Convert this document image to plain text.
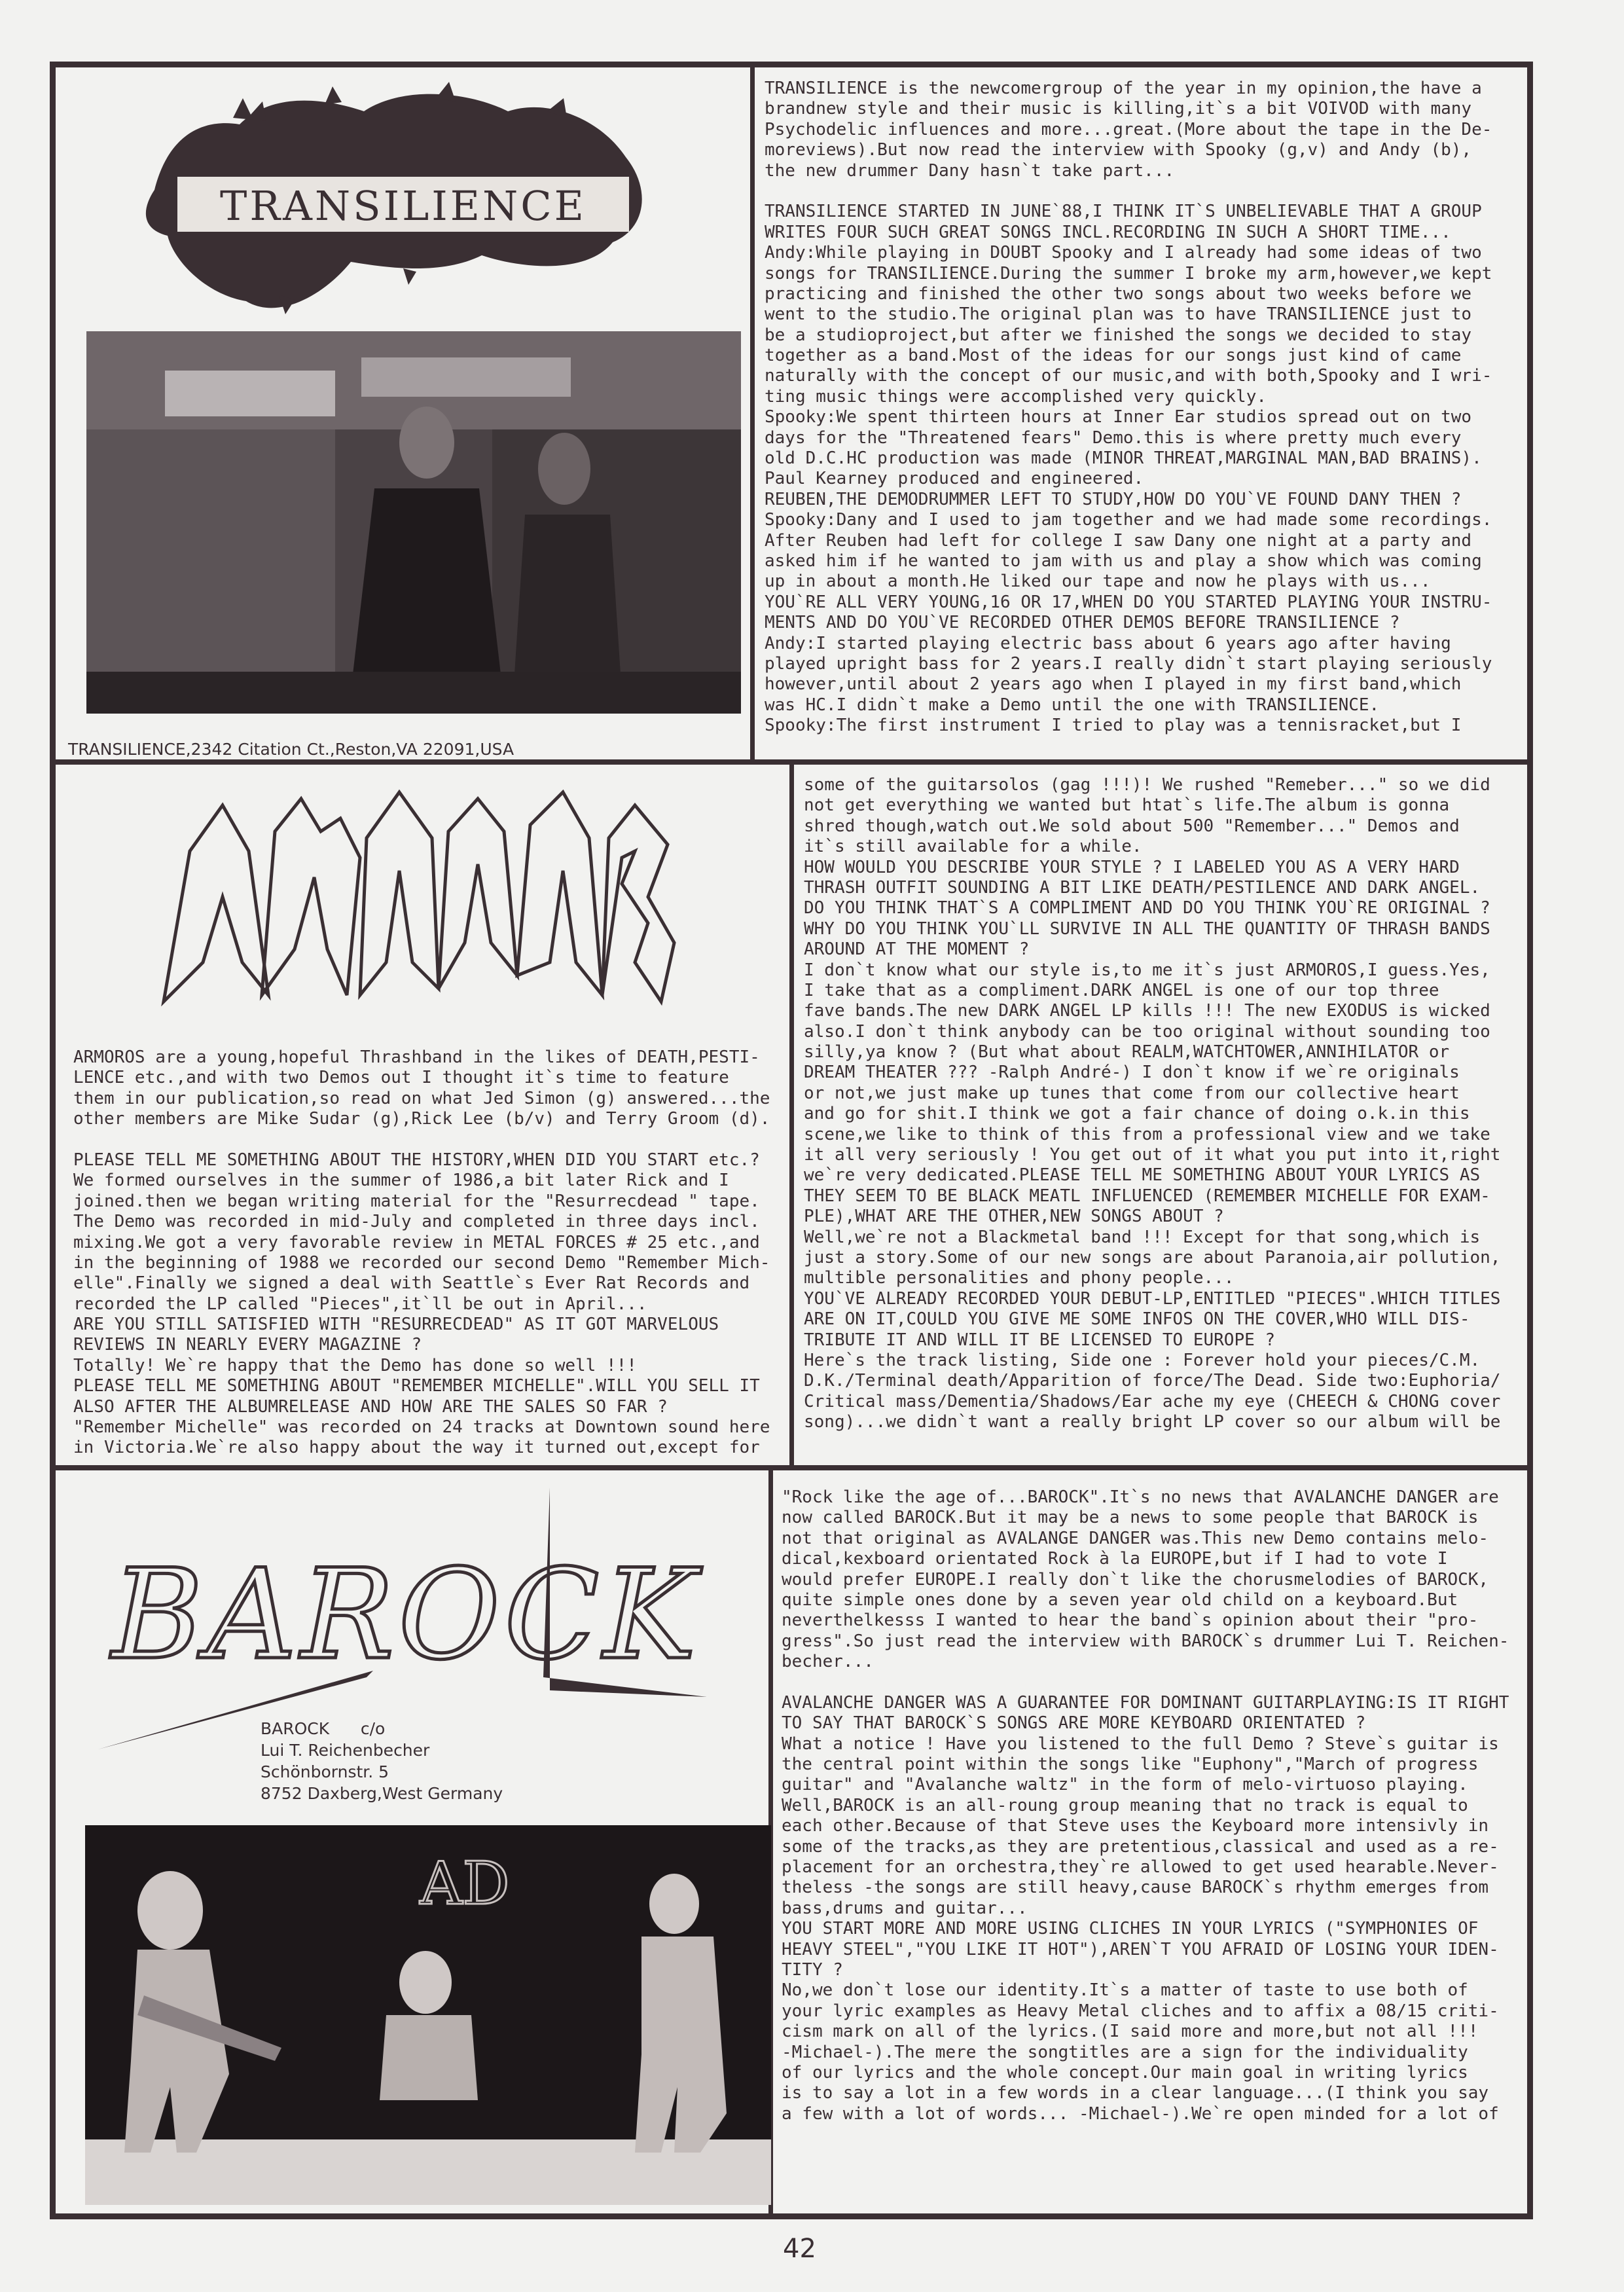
TRANSILIENCE
TRANSILIENCE,2342 Citation Ct.,Reston,VA 22091,USA
TRANSILIENCE is the newcomergroup of the year in my opinion,the have a
brandnew style and their music is killing,it`s a bit VOIVOD with many
Psychodelic influences and more...great.(More about the tape in the De-
moreviews).But now read the interview with Spooky (g,v) and Andy (b),
the new drummer Dany hasn`t take part...
TRANSILIENCE STARTED IN JUNE`88,I THINK IT`S UNBELIEVABLE THAT A GROUP
WRITES FOUR SUCH GREAT SONGS INCL.RECORDING IN SUCH A SHORT TIME...
Andy:While playing in DOUBT Spooky and I already had some ideas of two
songs for TRANSILIENCE.During the summer I broke my arm,however,we kept
practicing and finished the other two songs about two weeks before we
went to the studio.The original plan was to have TRANSILIENCE just to
be a studioproject,but after we finished the songs we decided to stay
together as a band.Most of the ideas for our songs just kind of came
naturally with the concept of our music,and with both,Spooky and I wri-
ting music things were accomplished very quickly.
Spooky:We spent thirteen hours at Inner Ear studios spread out on two
days for the "Threatened fears" Demo.this is where pretty much every
old D.C.HC production was made (MINOR THREAT,MARGINAL MAN,BAD BRAINS).
Paul Kearney produced and engineered.
REUBEN,THE DEMODRUMMER LEFT TO STUDY,HOW DO YOU`VE FOUND DANY THEN ?
Spooky:Dany and I used to jam together and we had made some recordings.
After Reuben had left for college I saw Dany one night at a party and
asked him if he wanted to jam with us and play a show which was coming
up in about a month.He liked our tape and now he plays with us...
YOU`RE ALL VERY YOUNG,16 OR 17,WHEN DO YOU STARTED PLAYING YOUR INSTRU-
MENTS AND DO YOU`VE RECORDED OTHER DEMOS BEFORE TRANSILIENCE ?
Andy:I started playing electric bass about 6 years ago after having
played upright bass for 2 years.I really didn`t start playing seriously
however,until about 2 years ago when I played in my first band,which
was HC.I didn`t make a Demo until the one with TRANSILIENCE.
Spooky:The first instrument I tried to play was a tennisracket,but I
ARMOROS
ARMOROS are a young,hopeful Thrashband in the likes of DEATH,PESTI-
LENCE etc.,and with two Demos out I thought it`s time to feature
them in our publication,so read on what Jed Simon (g) answered...the
other members are Mike Sudar (g),Rick Lee (b/v) and Terry Groom (d).
PLEASE TELL ME SOMETHING ABOUT THE HISTORY,WHEN DID YOU START etc.?
We formed ourselves in the summer of 1986,a bit later Rick and I
joined.then we began writing material for the "Resurrecdead " tape.
The Demo was recorded in mid-July and completed in three days incl.
mixing.We got a very favorable review in METAL FORCES # 25 etc.,and
in the beginning of 1988 we recorded our second Demo "Remember Mich-
elle".Finally we signed a deal with Seattle`s Ever Rat Records and
recorded the LP called "Pieces",it`ll be out in April...
ARE YOU STILL SATISFIED WITH "RESURRECDEAD" AS IT GOT MARVELOUS
REVIEWS IN NEARLY EVERY MAGAZINE ?
Totally! We`re happy that the Demo has done so well !!!
PLEASE TELL ME SOMETHING ABOUT "REMEMBER MICHELLE".WILL YOU SELL IT
ALSO AFTER THE ALBUMRELEASE AND HOW ARE THE SALES SO FAR ?
"Remember Michelle" was recorded on 24 tracks at Downtown sound here
in Victoria.We`re also happy about the way it turned out,except for
some of the guitarsolos (gag !!!)! We rushed "Remeber..." so we did
not get everything we wanted but htat`s life.The album is gonna
shred though,watch out.We sold about 500 "Remember..." Demos and
it`s still available for a while.
HOW WOULD YOU DESCRIBE YOUR STYLE ? I LABELED YOU AS A VERY HARD
THRASH OUTFIT SOUNDING A BIT LIKE DEATH/PESTILENCE AND DARK ANGEL.
DO YOU THINK THAT`S A COMPLIMENT AND DO YOU THINK YOU`RE ORIGINAL ?
WHY DO YOU THINK YOU`LL SURVIVE IN ALL THE QUANTITY OF THRASH BANDS
AROUND AT THE MOMENT ?
I don`t know what our style is,to me it`s just ARMOROS,I guess.Yes,
I take that as a compliment.DARK ANGEL is one of our top three
fave bands.The new DARK ANGEL LP kills !!! The new EXODUS is wicked
also.I don`t think anybody can be too original without sounding too
silly,ya know ? (But what about REALM,WATCHTOWER,ANNIHILATOR or
DREAM THEATER ??? -Ralph André-) I don`t know if we`re originals
or not,we just make up tunes that come from our collective heart
and go for shit.I think we got a fair chance of doing o.k.in this
scene,we like to think of this from a professional view and we take
it all very seriously ! You get out of it what you put into it,right
we`re very dedicated.PLEASE TELL ME SOMETHING ABOUT YOUR LYRICS AS
THEY SEEM TO BE BLACK MEATL INFLUENCED (REMEMBER MICHELLE FOR EXAM-
PLE),WHAT ARE THE OTHER,NEW SONGS ABOUT ?
Well,we`re not a Blackmetal band !!! Except for that song,which is
just a story.Some of our new songs are about Paranoia,air pollution,
multible personalities and phony people...
YOU`VE ALREADY RECORDED YOUR DEBUT-LP,ENTITLED "PIECES".WHICH TITLES
ARE ON IT,COULD YOU GIVE ME SOME INFOS ON THE COVER,WHO WILL DIS-
TRIBUTE IT AND WILL IT BE LICENSED TO EUROPE ?
Here`s the track listing, Side one : Forever hold your pieces/C.M.
D.K./Terminal death/Apparition of force/The Dead. Side two:Euphoria/
Critical mass/Dementia/Shadows/Ear ache my eye (CHEECH & CHONG cover
song)...we didn`t want a really bright LP cover so our album will be
BAROCK
BAROCK      c/o
Lui T. Reichenbecher
Schönbornstr. 5
8752 Daxberg,West Germany
AD
"Rock like the age of...BAROCK".It`s no news that AVALANCHE DANGER are
now called BAROCK.But it may be a news to some people that BAROCK is
not that original as AVALANGE DANGER was.This new Demo contains melo-
dical,kexboard orientated Rock à la EUROPE,but if I had to vote I
would prefer EUROPE.I really don`t like the chorusmelodies of BAROCK,
quite simple ones done by a seven year old child on a keyboard.But
neverthelkesss I wanted to hear the band`s opinion about their "pro-
gress".So just read the interview with BAROCK`s drummer Lui T. Reichen-
becher...
AVALANCHE DANGER WAS A GUARANTEE FOR DOMINANT GUITARPLAYING:IS IT RIGHT
TO SAY THAT BAROCK`S SONGS ARE MORE KEYBOARD ORIENTATED ?
What a notice ! Have you listened to the full Demo ? Steve`s guitar is
the central point within the songs like "Euphony","March of progress
guitar" and "Avalanche waltz" in the form of melo-virtuoso playing.
Well,BAROCK is an all-roung group meaning that no track is equal to
each other.Because of that Steve uses the Keyboard more intensivly in
some of the tracks,as they are pretentious,classical and used as a re-
placement for an orchestra,they`re allowed to get used hearable.Never-
theless -the songs are still heavy,cause BAROCK`s rhythm emerges from
bass,drums and guitar...
YOU START MORE AND MORE USING CLICHES IN YOUR LYRICS ("SYMPHONIES OF
HEAVY STEEL","YOU LIKE IT HOT"),AREN`T YOU AFRAID OF LOSING YOUR IDEN-
TITY ?
No,we don`t lose our identity.It`s a matter of taste to use both of
your lyric examples as Heavy Metal cliches and to affix a 08/15 criti-
cism mark on all of the lyrics.(I said more and more,but not all !!!
-Michael-).The mere the songtitles are a sign for the individuality
of our lyrics and the whole concept.Our main goal in writing lyrics
is to say a lot in a few words in a clear language...(I think you say
a few with a lot of words... -Michael-).We`re open minded for a lot of
42
